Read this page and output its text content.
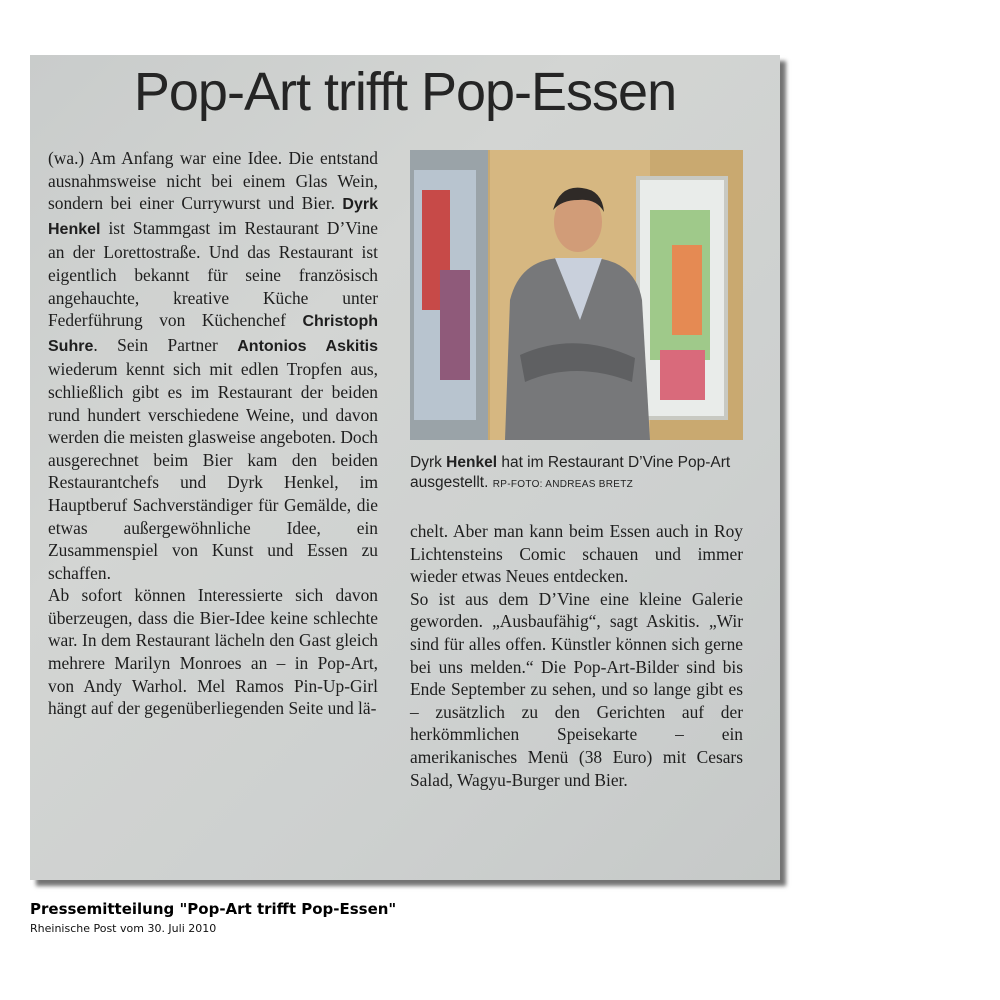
Pop-Art trifft Pop-Essen

(wa.) Am Anfang war eine Idee. Die entstand ausnahmsweise nicht bei einem Glas Wein, sondern bei einer Currywurst und Bier. Dyrk Henkel ist Stammgast im Restaurant D’Vine an der Lorettostraße. Und das Restaurant ist eigentlich bekannt für seine französisch angehauchte, kreative Küche unter Federführung von Küchenchef Christoph Suhre. Sein Partner Antonios Askitis wiederum kennt sich mit edlen Tropfen aus, schließlich gibt es im Restaurant der beiden rund hundert verschiedene Weine, und davon werden die meisten glasweise angeboten. Doch ausgerechnet beim Bier kam den beiden Restaurantchefs und Dyrk Henkel, im Hauptberuf Sachverständiger für Gemälde, die etwas außergewöhnliche Idee, ein Zusammenspiel von Kunst und Essen zu schaffen.

Ab sofort können Interessierte sich davon überzeugen, dass die Bier-Idee keine schlechte war. In dem Restaurant lächeln den Gast gleich mehrere Marilyn Monroes an – in Pop-Art, von Andy Warhol. Mel Ramos Pin-Up-Girl hängt auf der gegenüberliegenden Seite und lä-

Dyrk Henkel hat im Restaurant D’Vine Pop-Art ausgestellt. RP-FOTO: ANDREAS BRETZ

chelt. Aber man kann beim Essen auch in Roy Lichtensteins Comic schauen und immer wieder etwas Neues entdecken.

So ist aus dem D’Vine eine kleine Galerie geworden. „Ausbaufähig“, sagt Askitis. „Wir sind für alles offen. Künstler können sich gerne bei uns melden.“ Die Pop-Art-Bilder sind bis Ende September zu sehen, und so lange gibt es – zusätzlich zu den Gerichten auf der herkömmlichen Speisekarte – ein amerikanisches Menü (38 Euro) mit Cesars Salad, Wagyu-Burger und Bier.

Pressemitteilung "Pop-Art trifft Pop-Essen"
Rheinische Post vom 30. Juli 2010
